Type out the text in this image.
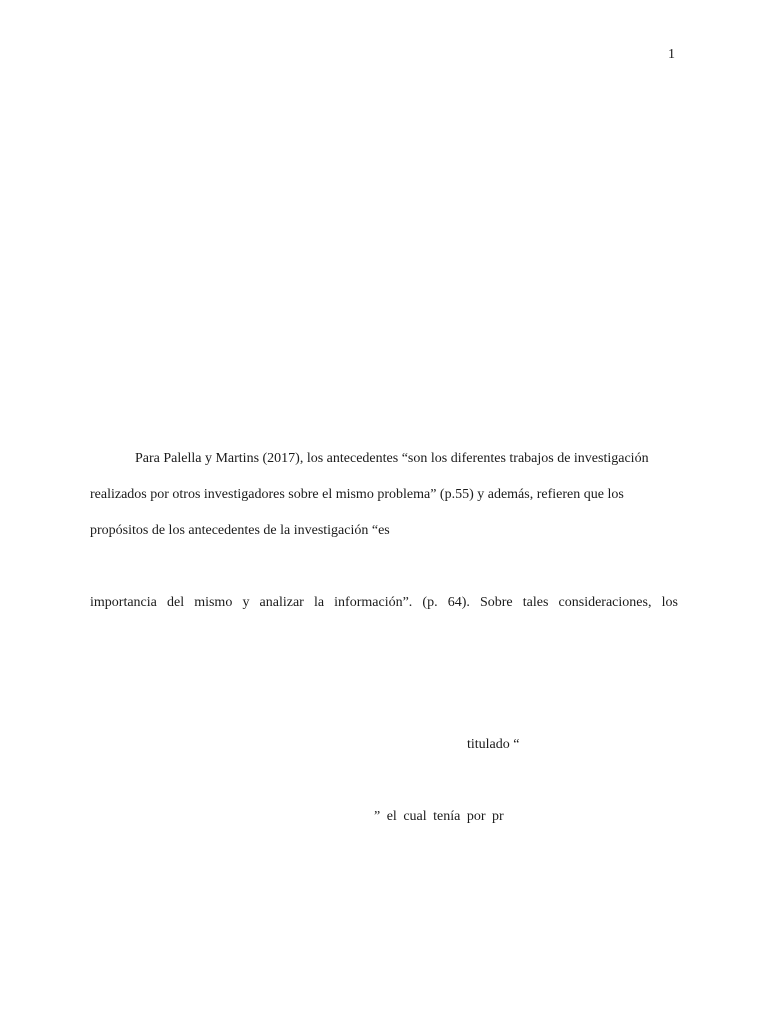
1
Para Palella y Martins (2017), los antecedentes “son los diferentes trabajos de investigación
realizados por otros investigadores sobre el mismo problema” (p.55) y además, refieren que los
propósitos de los antecedentes de la investigación “es
importancia del mismo y analizar la información”. (p. 64). Sobre tales consideraciones, los
titulado “
” el cual tenía por pr
